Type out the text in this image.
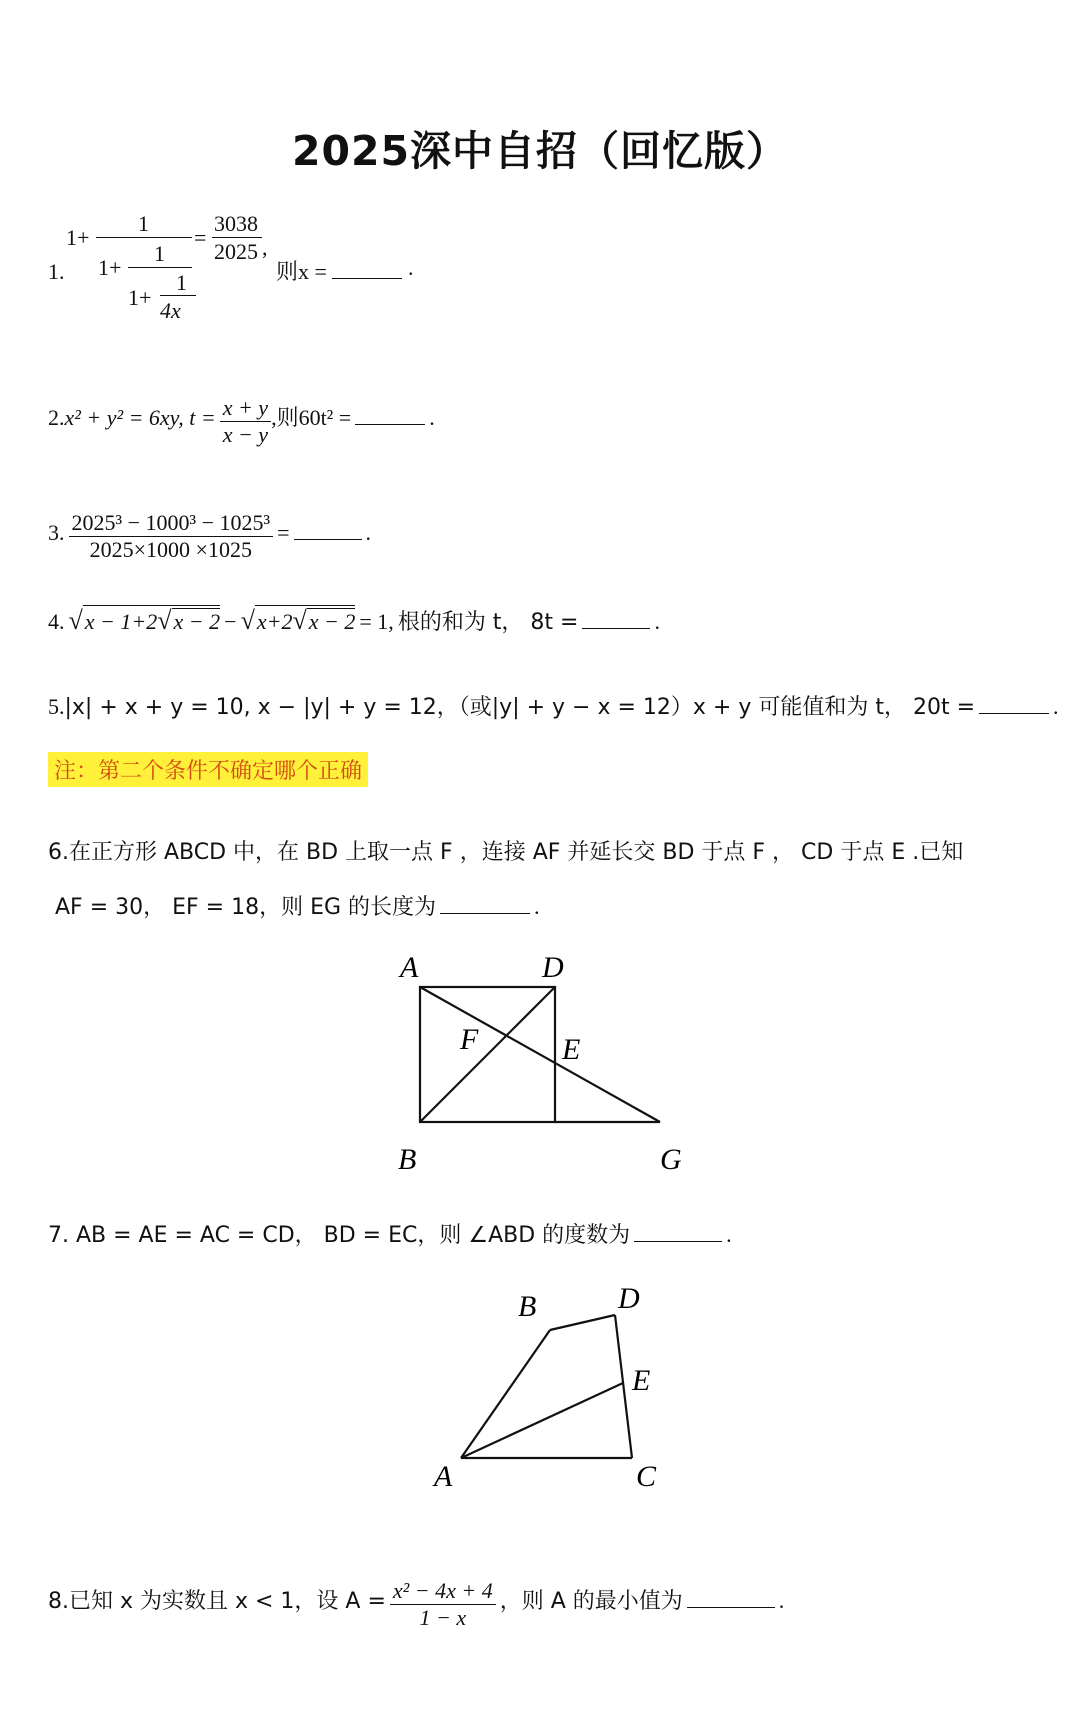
2025深中自招（回忆版）
1.
1+
1
1+
1
1+
1
4x
=
3038
2025 ,
则x =	.
2.x² + y² = 6xy, $t = \frac{x + y}{x - y}$ ,则60t² =	.
3. $\frac{\text{2025³ − 1000³ − 1025³}}{2025\times 1000 \times 1025}$ =	.
4. √x − 1+2√x − 2 − √x+2√x − 2 = 1, 根的和为 t， 8t =	.
5.|x| + x + y = 10, x − |y| + y = 12，（或|y| + y − x = 12）x + y 可能值和为 t， 20t =	.
注：第二个条件不确定哪个正确
6.在正方形 ABCD 中，在 BD 上取一点 F ，连接 AF 并延长交 BD 于点 F ， CD 于点 E .已知
AF = 30， EF = 18，则 EG 的长度为	.
A	D
F	E
B	G
7. AB = AE = AC = CD， BD = EC，则 ∠ABD 的度数为	.
B	D
E
A	C
8.已知 x 为实数且 x < 1，设 $A = \frac{\text{x² − 4x + 4}}{1 - x}$ ，则 A 的最小值为	.
